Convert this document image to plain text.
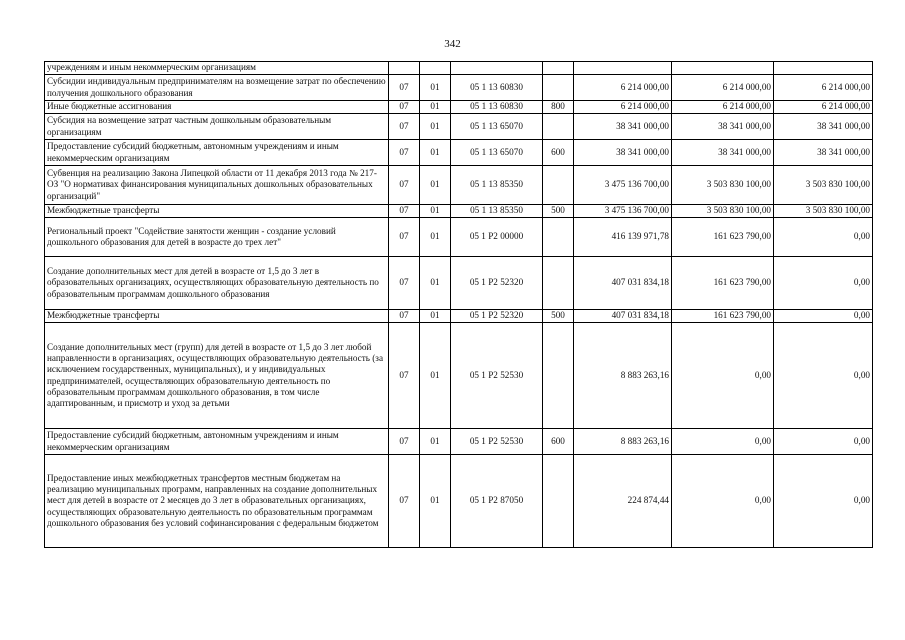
342
учреждениям и иным некоммерческим организациям							
Субсидии индивидуальным предпринимателям на возмещение затрат по обеспечению получения дошкольного образования	07	01	05 1 13 60830		6 214 000,00	6 214 000,00	6 214 000,00
Иные бюджетные ассигнования	07	01	05 1 13 60830	800	6 214 000,00	6 214 000,00	6 214 000,00
Субсидия на возмещение затрат частным дошкольным образовательным организациям	07	01	05 1 13 65070		38 341 000,00	38 341 000,00	38 341 000,00
Предоставление субсидий бюджетным, автономным учреждениям и иным некоммерческим организациям	07	01	05 1 13 65070	600	38 341 000,00	38 341 000,00	38 341 000,00
Субвенция на реализацию Закона Липецкой области от 11 декабря 2013 года № 217-ОЗ "О нормативах финансирования муниципальных дошкольных образовательных организаций"	07	01	05 1 13 85350		3 475 136 700,00	3 503 830 100,00	3 503 830 100,00
Межбюджетные трансферты	07	01	05 1 13 85350	500	3 475 136 700,00	3 503 830 100,00	3 503 830 100,00
Региональный проект "Содействие занятости женщин - создание условий дошкольного образования для детей в возрасте до трех лет"	07	01	05 1 P2 00000		416 139 971,78	161 623 790,00	0,00
Создание дополнительных мест для детей в возрасте от 1,5 до 3 лет в образовательных организациях, осуществляющих образовательную деятельность по образовательным программам дошкольного образования	07	01	05 1 P2 52320		407 031 834,18	161 623 790,00	0,00
Межбюджетные трансферты	07	01	05 1 P2 52320	500	407 031 834,18	161 623 790,00	0,00
Создание дополнительных мест (групп) для детей в возрасте от 1,5 до 3 лет любой направленности в организациях, осуществляющих образовательную деятельность (за исключением государственных, муниципальных), и у индивидуальных предпринимателей, осуществляющих образовательную деятельность по образовательным программам дошкольного образования, в том числе адаптированным, и присмотр и уход за детьми	07	01	05 1 P2 52530		8 883 263,16	0,00	0,00
Предоставление субсидий бюджетным, автономным учреждениям и иным некоммерческим организациям	07	01	05 1 P2 52530	600	8 883 263,16	0,00	0,00
Предоставление иных межбюджетных трансфертов местным бюджетам на реализацию муниципальных программ, направленных на создание дополнительных мест для детей в возрасте от 2 месяцев до 3 лет в образовательных организациях, осуществляющих образовательную деятельность по образовательным программам дошкольного образования без условий софинансирования с федеральным бюджетом	07	01	05 1 P2 87050		224 874,44	0,00	0,00
